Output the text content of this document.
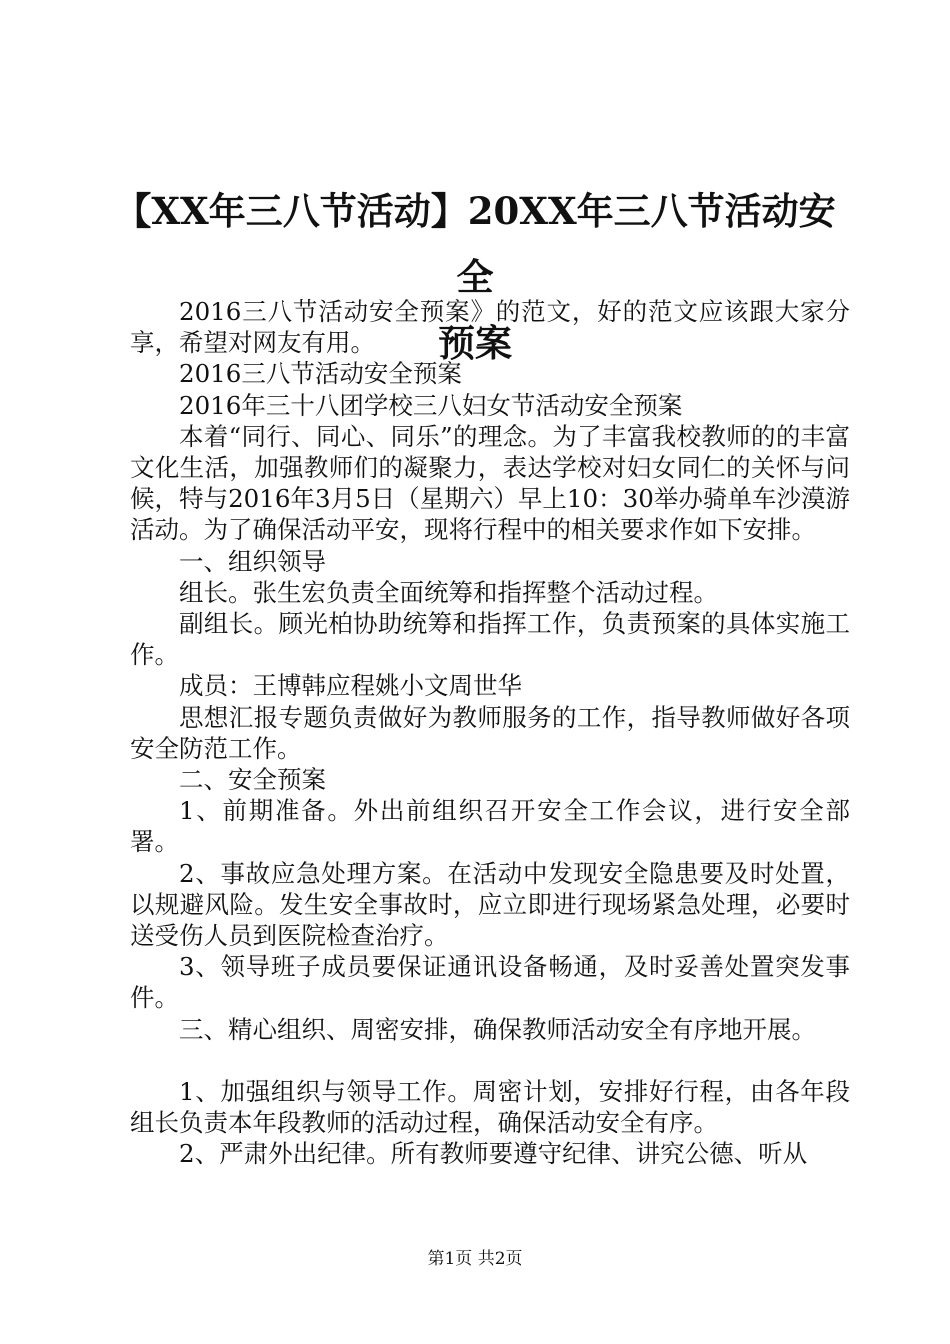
【XX年三八节活动】20XX年三八节活动安全
预案

2016三八节活动安全预案》的范文，好的范文应该跟大家分享，希望对网友有用。

2016三八节活动安全预案

2016年三十八团学校三八妇女节活动安全预案

本着“同行、同心、同乐”的理念。为了丰富我校教师的的丰富文化生活，加强教师们的凝聚力，表达学校对妇女同仁的关怀与问候，特与2016年3月5日（星期六）早上10：30举办骑单车沙漠游活动。为了确保活动平安，现将行程中的相关要求作如下安排。

一、组织领导

组长。张生宏负责全面统筹和指挥整个活动过程。

副组长。顾光柏协助统筹和指挥工作，负责预案的具体实施工作。

成员：王博韩应程姚小文周世华

思想汇报专题负责做好为教师服务的工作，指导教师做好各项安全防范工作。

二、安全预案

1、前期准备。外出前组织召开安全工作会议，进行安全部署。

2、事故应急处理方案。在活动中发现安全隐患要及时处置，以规避风险。发生安全事故时，应立即进行现场紧急处理，必要时送受伤人员到医院检查治疗。

3、领导班子成员要保证通讯设备畅通，及时妥善处置突发事件。

三、精心组织、周密安排，确保教师活动安全有序地开展。

1、加强组织与领导工作。周密计划，安排好行程，由各年段组长负责本年段教师的活动过程，确保活动安全有序。

2、严肃外出纪律。所有教师要遵守纪律、讲究公德、听从

第1页 共2页
